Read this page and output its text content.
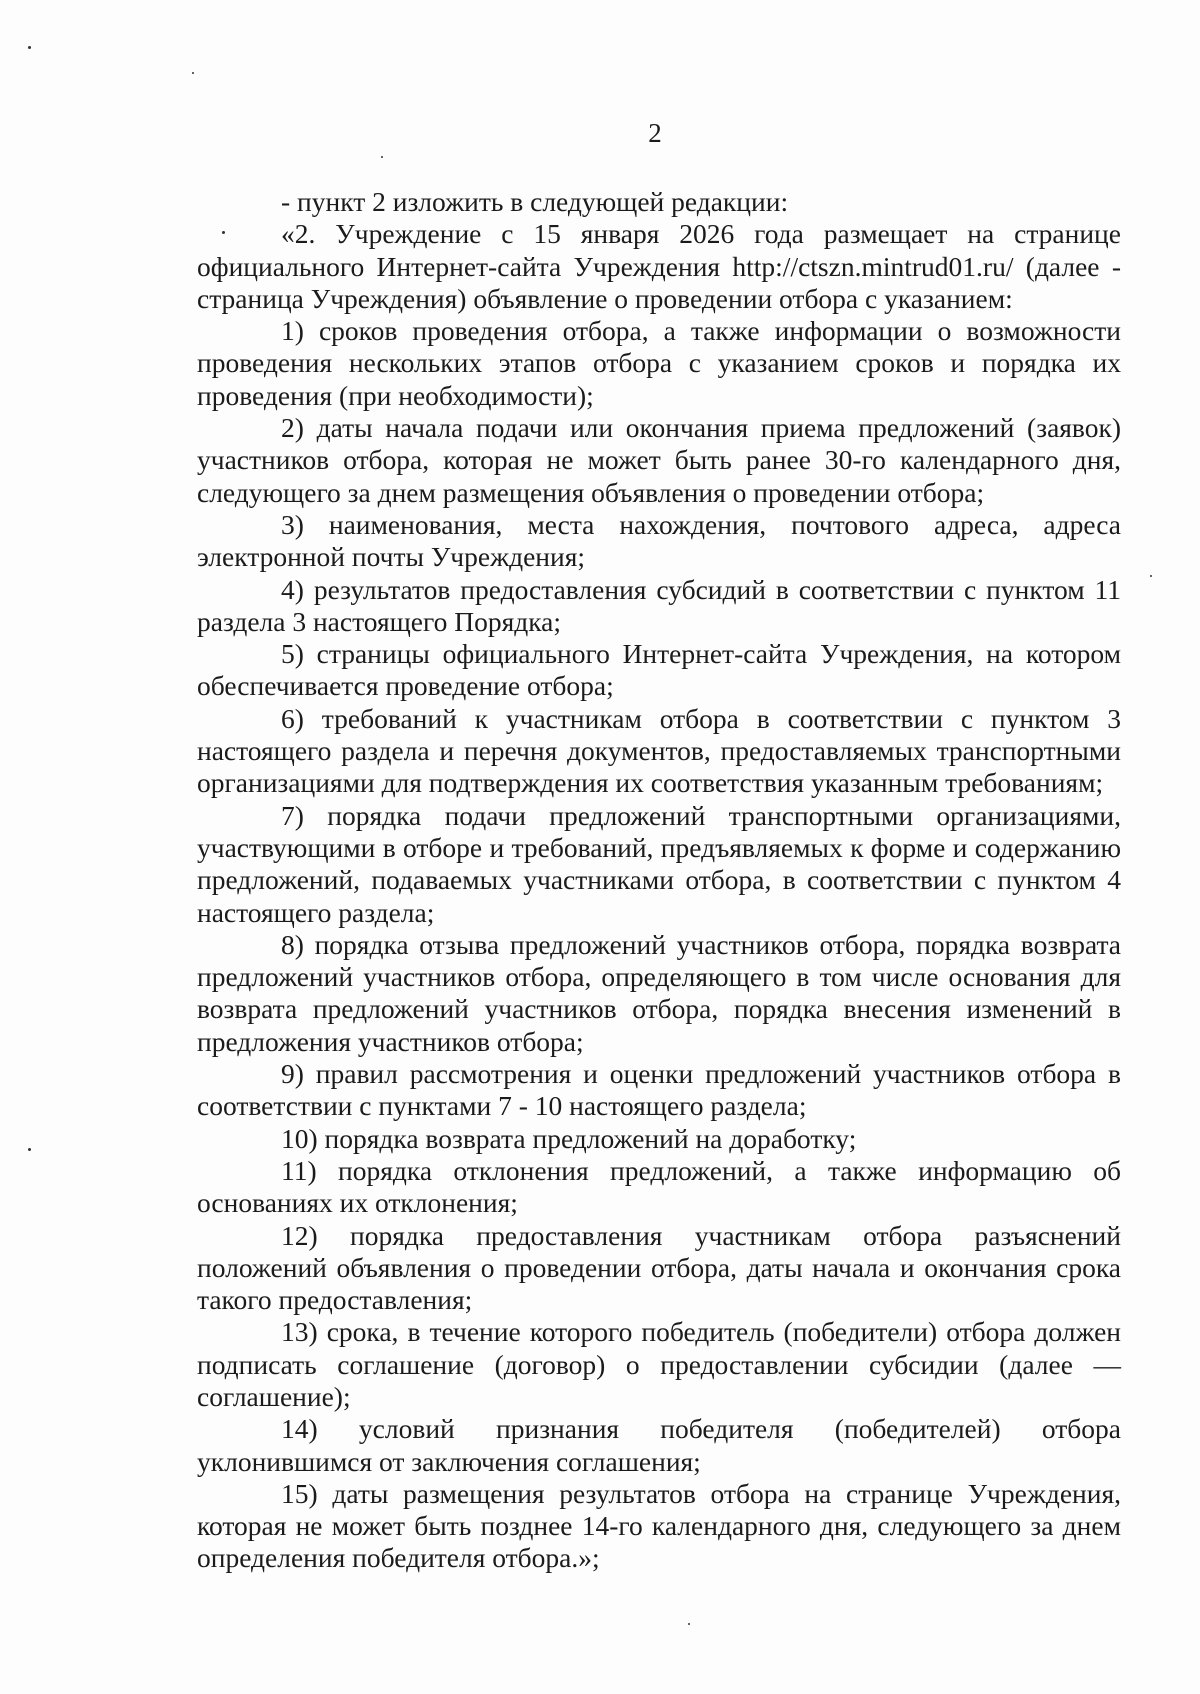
2

- пункт 2 изложить в следующей редакции:

«2. Учреждение с 15 января 2026 года размещает на странице официального Интернет-сайта Учреждения http://ctszn.mintrud01.ru/ (далее - страница Учреждения) объявление о проведении отбора с указанием:

1) сроков проведения отбора, а также информации о возможности проведения нескольких этапов отбора с указанием сроков и порядка их проведения (при необходимости);

2) даты начала подачи или окончания приема предложений (заявок) участников отбора, которая не может быть ранее 30-го календарного дня, следующего за днем размещения объявления о проведении отбора;

3) наименования, места нахождения, почтового адреса, адреса электронной почты Учреждения;

4) результатов предоставления субсидий в соответствии с пунктом 11 раздела 3 настоящего Порядка;

5) страницы официального Интернет-сайта Учреждения, на котором обеспечивается проведение отбора;

6) требований к участникам отбора в соответствии с пунктом 3 настоящего раздела и перечня документов, предоставляемых транспортными организациями для подтверждения их соответствия указанным требованиям;

7) порядка подачи предложений транспортными организациями, участвующими в отборе и требований, предъявляемых к форме и содержанию предложений, подаваемых участниками отбора, в соответствии с пунктом 4 настоящего раздела;

8) порядка отзыва предложений участников отбора, порядка возврата предложений участников отбора, определяющего в том числе основания для возврата предложений участников отбора, порядка внесения изменений в предложения участников отбора;

9) правил рассмотрения и оценки предложений участников отбора в соответствии с пунктами 7 - 10 настоящего раздела;

10) порядка возврата предложений на доработку;

11) порядка отклонения предложений, а также информацию об основаниях их отклонения;

12) порядка предоставления участникам отбора разъяснений положений объявления о проведении отбора, даты начала и окончания срока такого предоставления;

13) срока, в течение которого победитель (победители) отбора должен подписать соглашение (договор) о предоставлении субсидии (далее — соглашение);

14) условий признания победителя (победителей) отбора уклонившимся от заключения соглашения;

15) даты размещения результатов отбора на странице Учреждения, которая не может быть позднее 14-го календарного дня, следующего за днем определения победителя отбора.»;
